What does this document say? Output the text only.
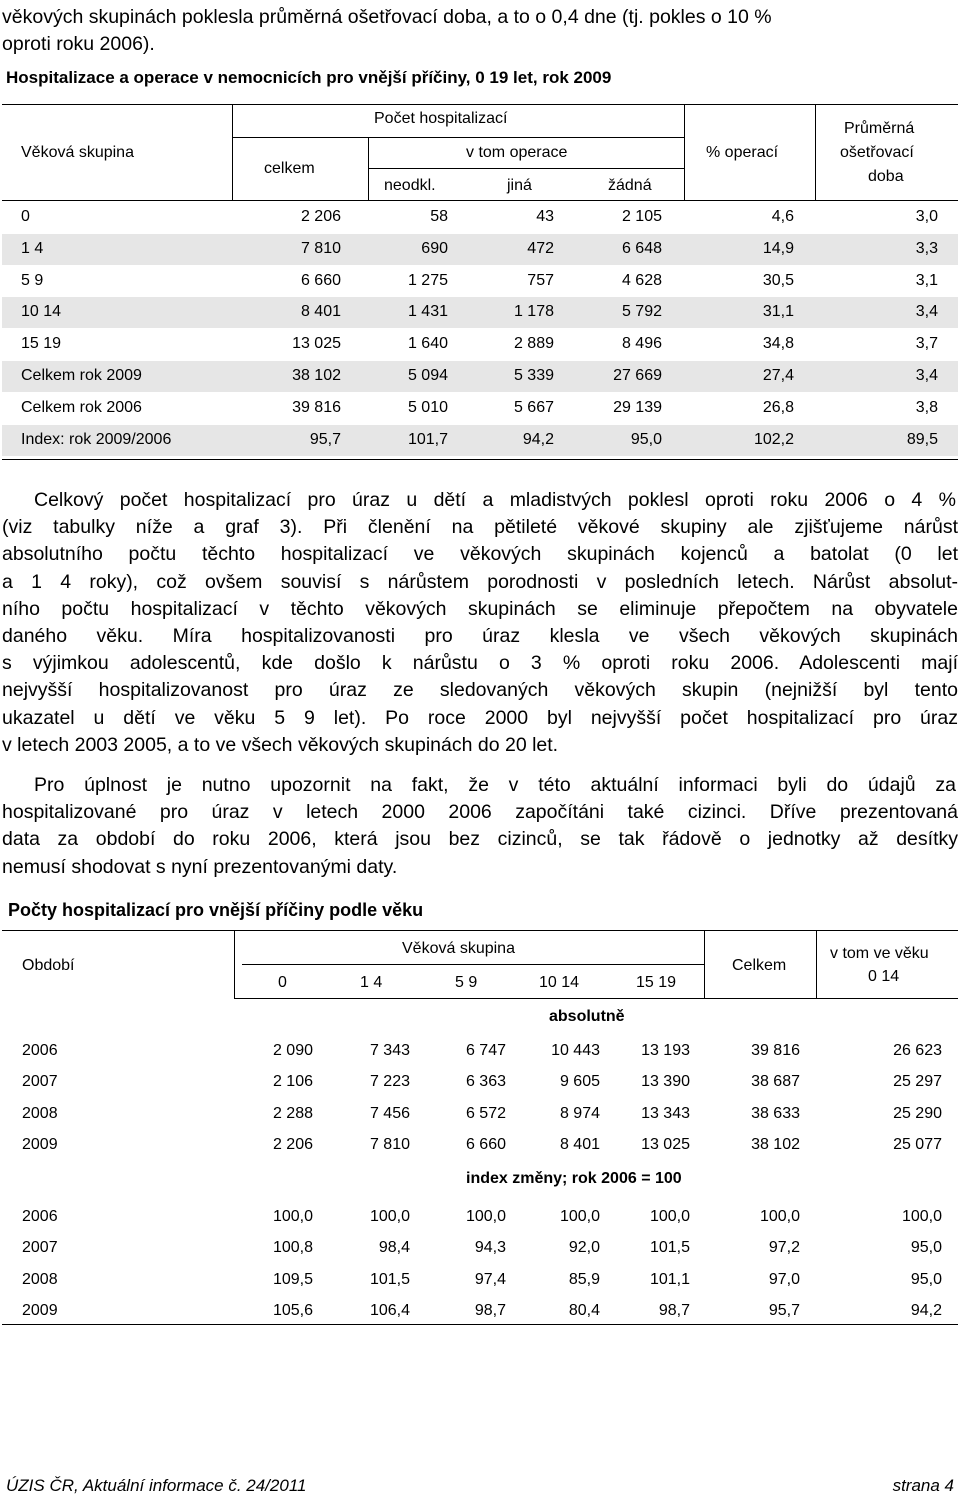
věkových skupinách poklesla průměrná ošetřovací doba, a to o 0,4 dne (tj. pokles o 10 %
oproti roku 2006).
Hospitalizace a operace v nemocnicích pro vnější příčiny, 0 19 let, rok 2009
Věková skupina
Počet hospitalizací
celkem
v tom operace
neodkl.	jiná	žádná
% operací
Průměrná
ošetřovací
doba
0	2 206	58	43	2 105	4,6	3,0
1 4	7 810	690	472	6 648	14,9	3,3
5 9	6 660	1 275	757	4 628	30,5	3,1
10 14	8 401	1 431	1 178	5 792	31,1	3,4
15 19	13 025	1 640	2 889	8 496	34,8	3,7
Celkem rok 2009	38 102	5 094	5 339	27 669	27,4	3,4
Celkem rok 2006	39 816	5 010	5 667	29 139	26,8	3,8
Index: rok 2009/2006	95,7	101,7	94,2	95,0	102,2	89,5
Celkový počet hospitalizací pro úraz u dětí a mladistvých poklesl oproti roku 2006 o 4 %
(viz tabulky níže a graf 3). Při členění na pětileté věkové skupiny ale zjišťujeme nárůst
absolutního počtu těchto hospitalizací ve věkových skupinách kojenců a batolat (0 let
a 1 4 roky), což ovšem souvisí s nárůstem porodnosti v posledních letech. Nárůst absolut-
ního počtu hospitalizací v těchto věkových skupinách se eliminuje přepočtem na obyvatele
daného věku. Míra hospitalizovanosti pro úraz klesla ve všech věkových skupinách
s výjimkou adolescentů, kde došlo k nárůstu o 3 % oproti roku 2006. Adolescenti mají
nejvyšší hospitalizovanost pro úraz ze sledovaných věkových skupin (nejnižší byl tento
ukazatel u dětí ve věku 5 9 let). Po roce 2000 byl nejvyšší počet hospitalizací pro úraz
v letech 2003 2005, a to ve všech věkových skupinách do 20 let.
Pro úplnost je nutno upozornit na fakt, že v této aktuální informaci byli do údajů za
hospitalizované pro úraz v letech 2000 2006 započítáni také cizinci. Dříve prezentovaná
data za období do roku 2006, která jsou bez cizinců, se tak řádově o jednotky až desítky
nemusí shodovat s nyní prezentovanými daty.
Počty hospitalizací pro vnější příčiny podle věku
Období
Věková skupina
Celkem
v tom ve věku
0 14
0	1 4	5 9	10 14	15 19
absolutně
index změny; rok 2006 = 100
2006	2 090	7 343	6 747	10 443	13 193	39 816	26 623
2007	2 106	7 223	6 363	9 605	13 390	38 687	25 297
2008	2 288	7 456	6 572	8 974	13 343	38 633	25 290
2009	2 206	7 810	6 660	8 401	13 025	38 102	25 077
2006	100,0	100,0	100,0	100,0	100,0	100,0	100,0
2007	100,8	98,4	94,3	92,0	101,5	97,2	95,0
2008	109,5	101,5	97,4	85,9	101,1	97,0	95,0
2009	105,6	106,4	98,7	80,4	98,7	95,7	94,2
ÚZIS ČR, Aktuální informace č. 24/2011	strana 4
